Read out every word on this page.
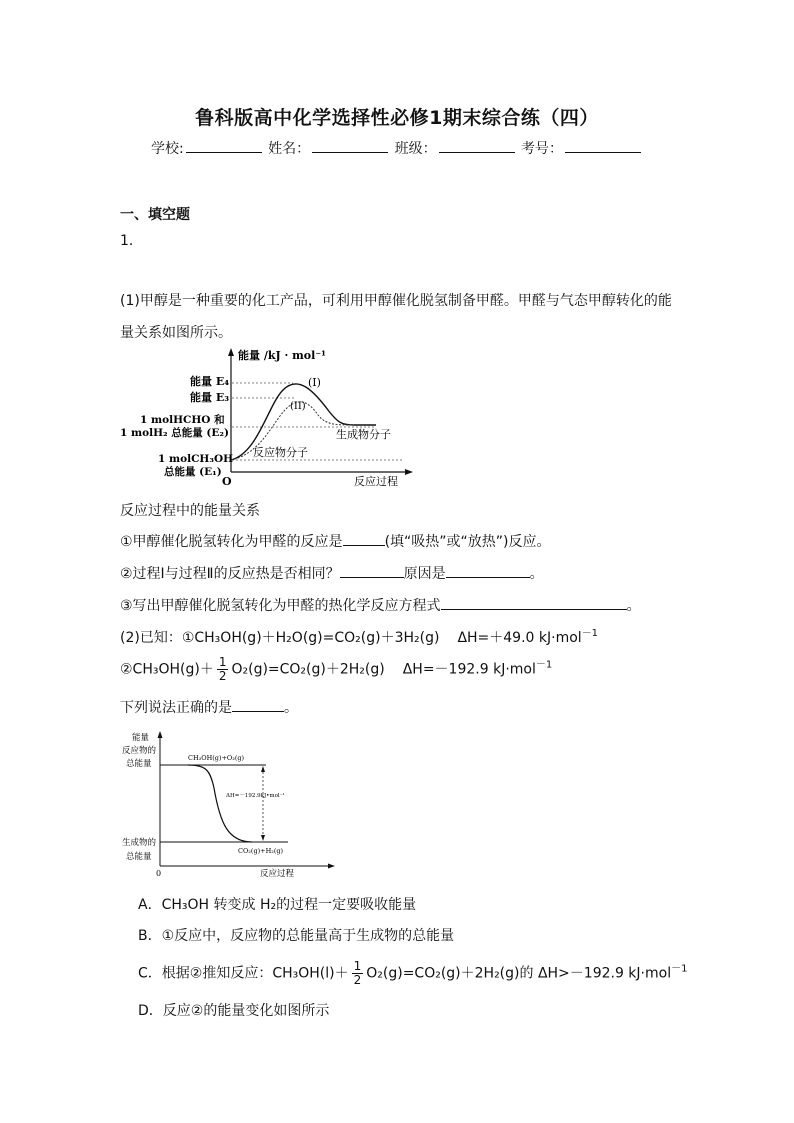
鲁科版高中化学选择性必修1期末综合练（四）
学校:	姓名：	班级：	考号：
一、填空题
1．
(1)甲醇是一种重要的化工产品，可利用甲醇催化脱氢制备甲醛。甲醛与气态甲醇转化的能
量关系如图所示。
能量 /kJ · mol⁻¹
反应过程
O
能量 E₄
能量 E₃
1 molHCHO 和
1 molH₂ 总能量 (E₂)
1 molCH₃OH
总能量 (E₁)
(I)
(II)
生成物分子
反应物分子
反应过程中的能量关系
①甲醇催化脱氢转化为甲醛的反应是	(填“吸热”或“放热”)反应。
②过程Ⅰ与过程Ⅱ的反应热是否相同？	原因是	。
③写出甲醇催化脱氢转化为甲醛的热化学反应方程式	。
(2)已知：①CH₃OH(g)＋H₂O(g)=CO₂(g)＋3H₂(g) ΔH=＋49.0 kJ·mol$^{-1}$
②CH₃OH(g)＋ $\frac{1}{2} O_2(g)=CO_2(g)+2H_2(g)$ ΔH=－192.9 kJ·mol$^{-1}$
下列说法正确的是	。
能量
反应物的
总能量
生成物的
总能量
0	反应过程
CH₃OH(g)+O₂(g)
CO₂(g)+H₂(g)
ΔH=－192.9kJ•mol⁻¹
A．CH₃OH 转变成 H₂的过程一定要吸收能量
B．①反应中，反应物的总能量高于生成物的总能量
C．根据②推知反应：$CH_3OH(l)+ \frac{1}{2} O_2(g)=CO_2(g)+2H_2(g)$的 ΔH>－192.9 kJ·mol$^{-1}$
D．反应②的能量变化如图所示
